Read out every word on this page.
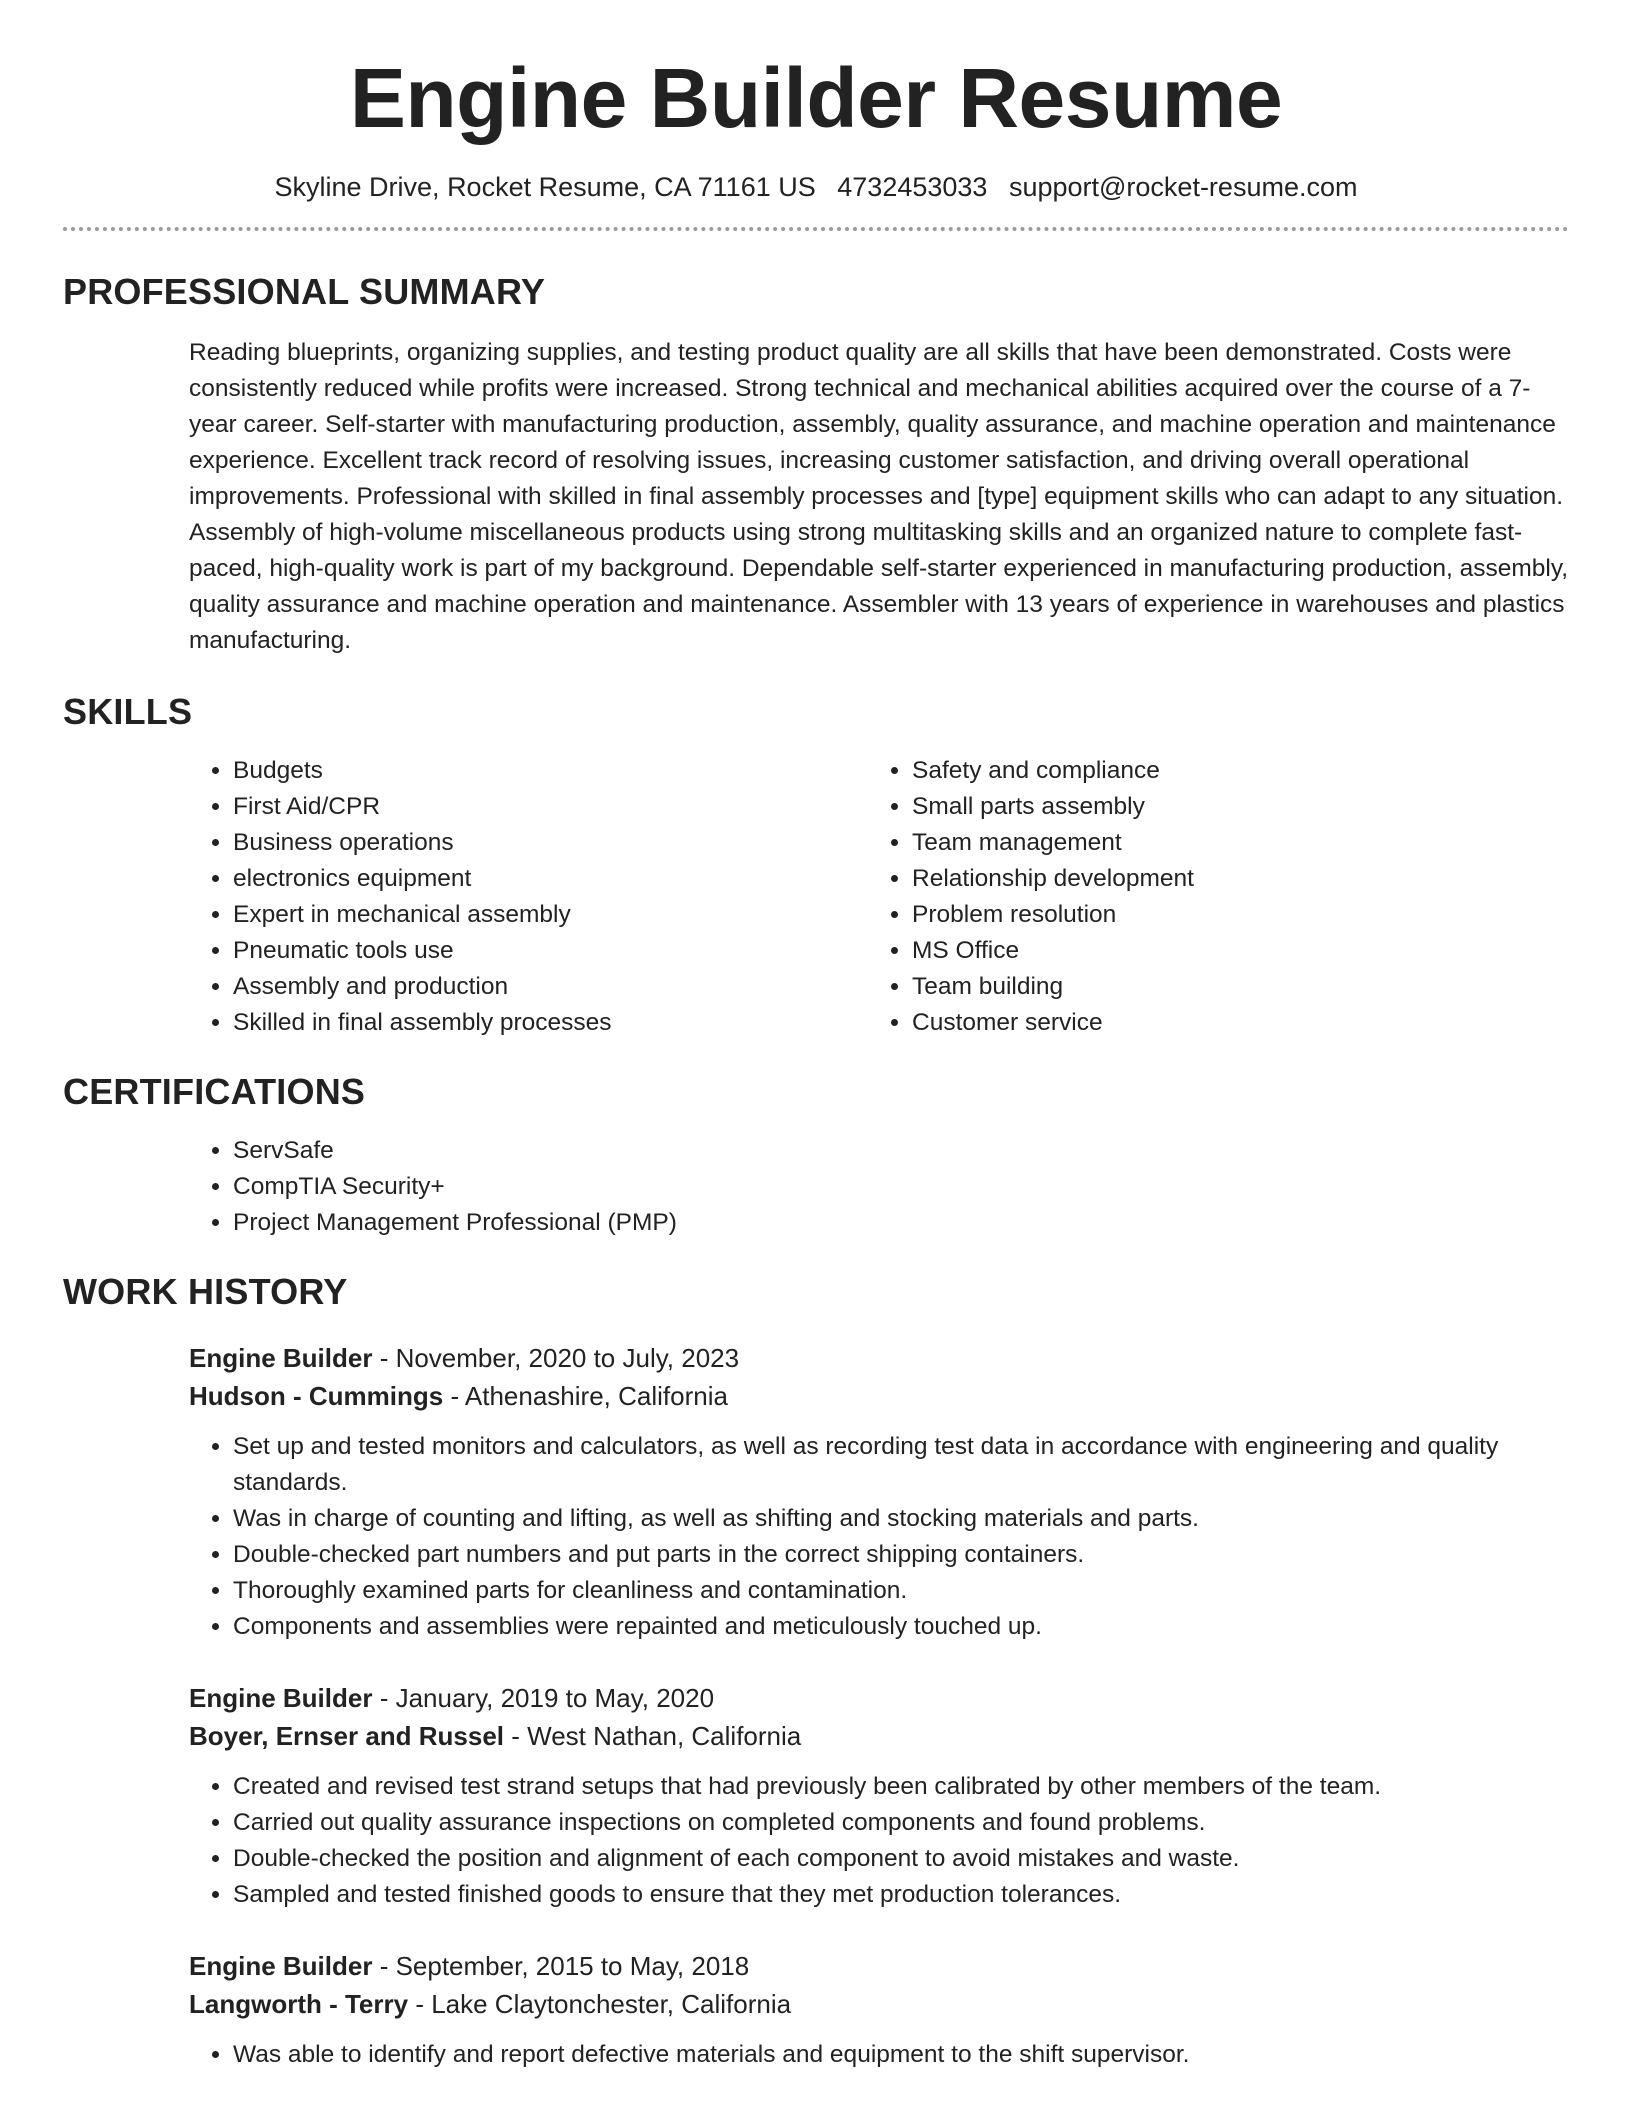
Engine Builder Resume
Skyline Drive, Rocket Resume, CA 71161 US 4732453033 support@rocket-resume.com
PROFESSIONAL SUMMARY
Reading blueprints, organizing supplies, and testing product quality are all skills that have been demonstrated. Costs were consistently reduced while profits were increased. Strong technical and mechanical abilities acquired over the course of a 7-year career. Self-starter with manufacturing production, assembly, quality assurance, and machine operation and maintenance experience. Excellent track record of resolving issues, increasing customer satisfaction, and driving overall operational improvements. Professional with skilled in final assembly processes and [type] equipment skills who can adapt to any situation. Assembly of high-volume miscellaneous products using strong multitasking skills and an organized nature to complete fast-paced, high-quality work is part of my background. Dependable self-starter experienced in manufacturing production, assembly, quality assurance and machine operation and maintenance. Assembler with 13 years of experience in warehouses and plastics manufacturing.
SKILLS
• Budgets
• First Aid/CPR
• Business operations
• electronics equipment
• Expert in mechanical assembly
• Pneumatic tools use
• Assembly and production
• Skilled in final assembly processes
• Safety and compliance
• Small parts assembly
• Team management
• Relationship development
• Problem resolution
• MS Office
• Team building
• Customer service
CERTIFICATIONS
• ServSafe
• CompTIA Security+
• Project Management Professional (PMP)
WORK HISTORY
Engine Builder - November, 2020 to July, 2023
Hudson - Cummings - Athenashire, California
• Set up and tested monitors and calculators, as well as recording test data in accordance with engineering and quality standards.
• Was in charge of counting and lifting, as well as shifting and stocking materials and parts.
• Double-checked part numbers and put parts in the correct shipping containers.
• Thoroughly examined parts for cleanliness and contamination.
• Components and assemblies were repainted and meticulously touched up.
Engine Builder - January, 2019 to May, 2020
Boyer, Ernser and Russel - West Nathan, California
• Created and revised test strand setups that had previously been calibrated by other members of the team.
• Carried out quality assurance inspections on completed components and found problems.
• Double-checked the position and alignment of each component to avoid mistakes and waste.
• Sampled and tested finished goods to ensure that they met production tolerances.
Engine Builder - September, 2015 to May, 2018
Langworth - Terry - Lake Claytonchester, California
• Was able to identify and report defective materials and equipment to the shift supervisor.
